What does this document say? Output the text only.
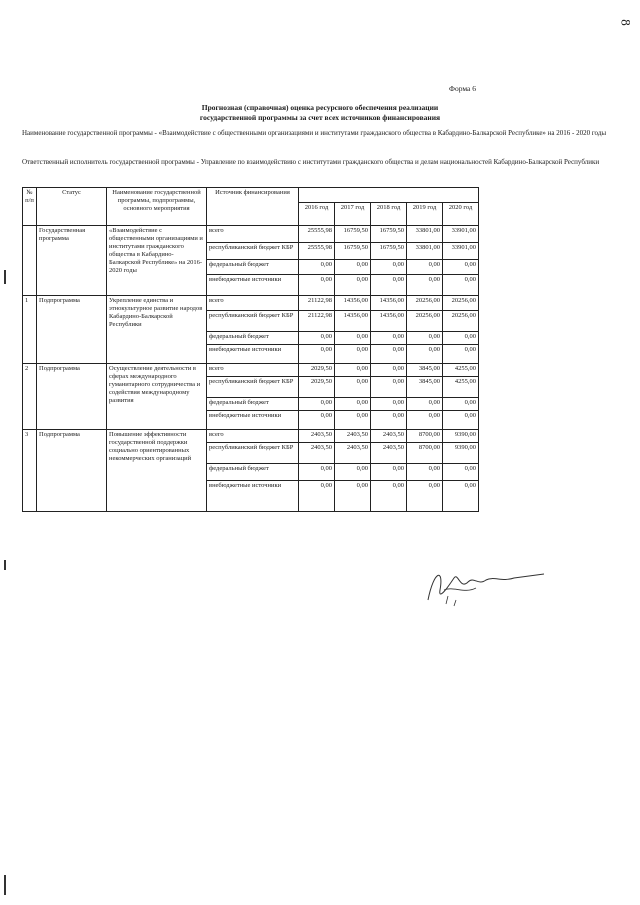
8
Форма 6
Прогнозная (справочная) оценка ресурсного обеспечения реализации
государственной программы за счет всех источников финансирования
Наименование государственной программы - «Взаимодействие с общественными организациями и институтами гражданского общества в Кабардино-Балкарской Республике» на 2016 - 2020 годы
Ответственный исполнитель государственной программы - Управление по взаимодействию с институтами гражданского общества и делам национальностей Кабардино-Балкарской Республики
№ п/п	Статус	Наименование государственной программы, подпрограммы, основного мероприятия	Источник финансирования					
				2016 год	2017 год	2018 год	2019 год	2020 год
	Государственная программа	«Взаимодействие с общественными организациями и институтами гражданского общества в Кабардино-Балкарской Республике» на 2016-2020 годы	всего	25555,98	16759,50	16759,50	33801,00	33901,00
			республиканский бюджет КБР	25555,98	16759,50	16759,50	33801,00	33901,00
			федеральный бюджет	0,00	0,00	0,00	0,00	0,00
			внебюджетные источники	0,00	0,00	0,00	0,00	0,00
1	Подпрограмма	Укрепление единства и этнокультурное развитие народов Кабардино-Балкарской Республики	всего	21122,98	14356,00	14356,00	20256,00	20256,00
			республиканский бюджет КБР	21122,98	14356,00	14356,00	20256,00	20256,00
			федеральный бюджет	0,00	0,00	0,00	0,00	0,00
			внебюджетные источники	0,00	0,00	0,00	0,00	0,00
2	Подпрограмма	Осуществление деятельности в сферах международного гуманитарного сотрудничества и содействия международному развития	всего	2029,50	0,00	0,00	3845,00	4255,00
			республиканский бюджет КБР	2029,50	0,00	0,00	3845,00	4255,00
			федеральный бюджет	0,00	0,00	0,00	0,00	0,00
			внебюджетные источники	0,00	0,00	0,00	0,00	0,00
3	Подпрограмма	Повышение эффективности государственной поддержки социально ориентированных некоммерческих организаций	всего	2403,50	2403,50	2403,50	8700,00	9390,00
			республиканский бюджет КБР	2403,50	2403,50	2403,50	8700,00	9390,00
			федеральный бюджет	0,00	0,00	0,00	0,00	0,00
			внебюджетные источники	0,00	0,00	0,00	0,00	0,00
